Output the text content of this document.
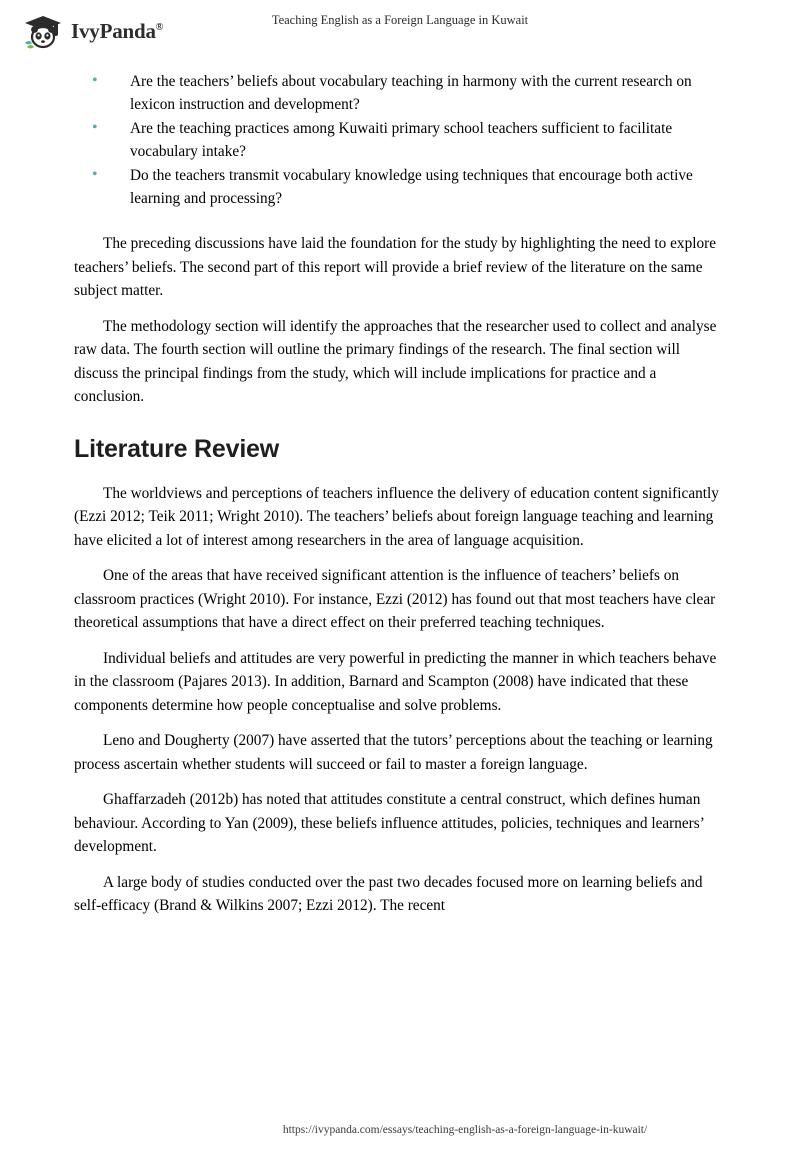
IvyPanda®	Teaching English as a Foreign Language in Kuwait
• Are the teachers’ beliefs about vocabulary teaching in harmony with the current research on lexicon instruction and development?
• Are the teaching practices among Kuwaiti primary school teachers sufficient to facilitate vocabulary intake?
• Do the teachers transmit vocabulary knowledge using techniques that encourage both active learning and processing?

The preceding discussions have laid the foundation for the study by highlighting the need to explore teachers’ beliefs. The second part of this report will provide a brief review of the literature on the same subject matter.

The methodology section will identify the approaches that the researcher used to collect and analyse raw data. The fourth section will outline the primary findings of the research. The final section will discuss the principal findings from the study, which will include implications for practice and a conclusion.

Literature Review

The worldviews and perceptions of teachers influence the delivery of education content significantly (Ezzi 2012; Teik 2011; Wright 2010). The teachers’ beliefs about foreign language teaching and learning have elicited a lot of interest among researchers in the area of language acquisition.

One of the areas that have received significant attention is the influence of teachers’ beliefs on classroom practices (Wright 2010). For instance, Ezzi (2012) has found out that most teachers have clear theoretical assumptions that have a direct effect on their preferred teaching techniques.

Individual beliefs and attitudes are very powerful in predicting the manner in which teachers behave in the classroom (Pajares 2013). In addition, Barnard and Scampton (2008) have indicated that these components determine how people conceptualise and solve problems.

Leno and Dougherty (2007) have asserted that the tutors’ perceptions about the teaching or learning process ascertain whether students will succeed or fail to master a foreign language.

Ghaffarzadeh (2012b) has noted that attitudes constitute a central construct, which defines human behaviour. According to Yan (2009), these beliefs influence attitudes, policies, techniques and learners’ development.

A large body of studies conducted over the past two decades focused more on learning beliefs and self-efficacy (Brand & Wilkins 2007; Ezzi 2012). The recent

https://ivypanda.com/essays/teaching-english-as-a-foreign-language-in-kuwait/
